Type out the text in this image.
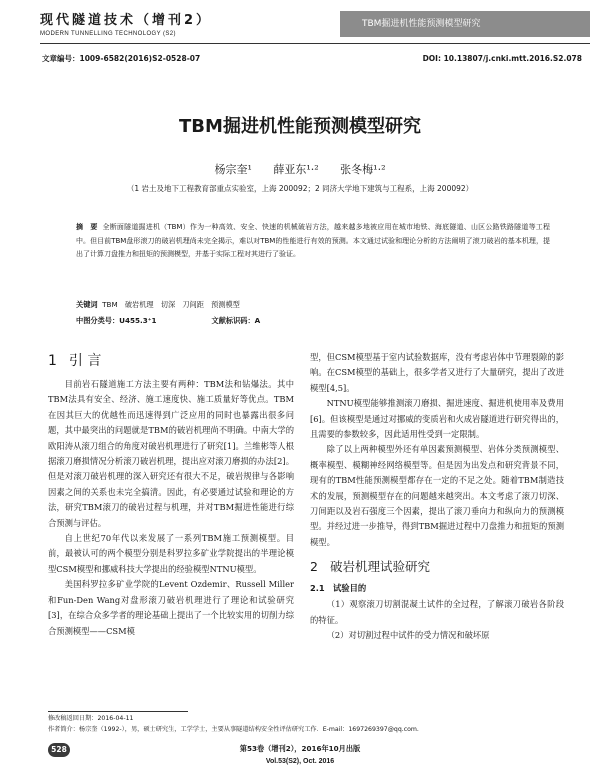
现代隧道技术（增刊2）
MODERN TUNNELLING TECHNOLOGY (S2)
TBM掘进机性能预测模型研究
文章编号：1009-6582(2016)S2-0528-07	DOI: 10.13807/j.cnki.mtt.2016.S2.078
TBM掘进机性能预测模型研究
杨宗奎¹ 薛亚东¹·² 张冬梅¹·²
（1 岩土及地下工程教育部重点实验室，上海 200092；2 同济大学地下建筑与工程系，上海 200092）
摘　要 全断面隧道掘进机（TBM）作为一种高效、安全、快速的机械破岩方法，越来越多地被应用在城市地铁、海底隧道、山区公路铁路隧道等工程中。但目前TBM盘形滚刀的破岩机理尚未完全揭示，难以对TBM的性能进行有效的预测。本文通过试验和理论分析的方法阐明了滚刀破岩的基本机理，提出了计算刀盘推力和扭矩的预测模型，并基于实际工程对其进行了验证。
关键词 TBM　破岩机理　切深　刀间距　预测模型
中图分类号：U455.3⁺1	文献标识码：A
1 引 言

目前岩石隧道施工方法主要有两种：TBM法和钻爆法。其中TBM法具有安全、经济、施工速度快、施工质量好等优点。TBM在因其巨大的优越性而迅速得到广泛应用的同时也暴露出很多问题，其中最突出的问题就是TBM的破岩机理尚不明确。中南大学的欧阳涛从滚刀组合的角度对破岩机理进行了研究[1]。兰维彬等人根据滚刀磨损情况分析滚刀破岩机理，提出应对滚刀磨损的办法[2]。但是对滚刀破岩机理的深入研究还有很大不足，破岩规律与各影响因素之间的关系也未完全搞清。因此，有必要通过试验和理论的方法，研究TBM滚刀的破岩过程与机理，并对TBM掘进性能进行综合预测与评估。

自上世纪70年代以来发展了一系列TBM施工预测模型。目前，最被认可的两个模型分别是科罗拉多矿业学院提出的半理论模型CSM模型和挪威科技大学提出的经验模型NTNU模型。

美国科罗拉多矿业学院的Levent Ozdemir、Russell Miller和Fun-Den Wang对盘形滚刀破岩机理进行了理论和试验研究[3]，在综合众多学者的理论基础上提出了一个比较实用的切削力综合预测模型——CSM模

型，但CSM模型基于室内试验数据库，没有考虑岩体中节理裂隙的影响。在CSM模型的基础上，很多学者又进行了大量研究，提出了改进模型[4,5]。

NTNU模型能够推测滚刀磨损、掘进速度、掘进机使用率及费用[6]。但该模型是通过对挪威的变质岩和火成岩隧道进行研究得出的，且需要的参数较多，因此适用性受到一定限制。

除了以上两种模型外还有单因素预测模型、岩体分类预测模型、概率模型、模糊神经网络模型等。但是因为出发点和研究背景不同，现有的TBM性能预测模型都存在一定的不足之处。随着TBM制造技术的发展，预测模型存在的问题越来越突出。本文考虑了滚刀切深、刀间距以及岩石强度三个因素，提出了滚刀垂向力和纵向力的预测模型。并经过进一步推导，得到TBM掘进过程中刀盘推力和扭矩的预测模型。

2 破岩机理试验研究
2.1　试验目的

（1）观察滚刀切割混凝土试件的全过程，了解滚刀破岩各阶段的特征。

（2）对切割过程中试件的受力情况和破坏原

修改稿返回日期：2016-04-11
作者简介：杨宗奎（1992-），男，硕士研究生，工学学士，主要从事隧道结构安全性评估研究工作．E-mail：1697269397@qq.com.
528	第53卷（增刊2），2016年10月出版
Vol.53(S2), Oct. 2016
